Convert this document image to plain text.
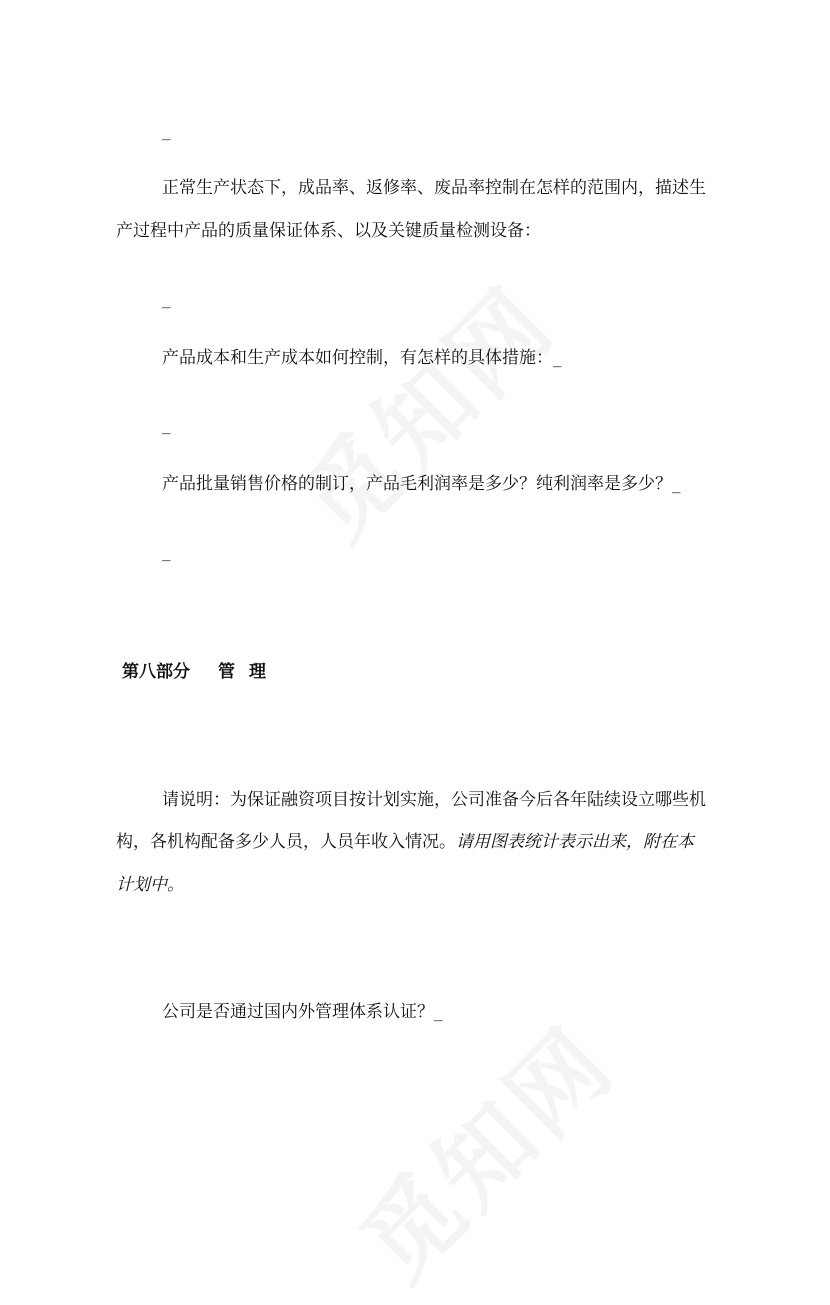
_

正常生产状态下，成品率、返修率、废品率控制在怎样的范围内，描述生

产过程中产品的质量保证体系、以及关键质量检测设备：

_

产品成本和生产成本如何控制，有怎样的具体措施：_

_

产品批量销售价格的制订，产品毛利润率是多少？纯利润率是多少？_

_

第八部分 管 理

请说明：为保证融资项目按计划实施，公司准备今后各年陆续设立哪些机

构，各机构配备多少人员，人员年收入情况。请用图表统计表示出来，附在本

计划中。

公司是否通过国内外管理体系认证？_
